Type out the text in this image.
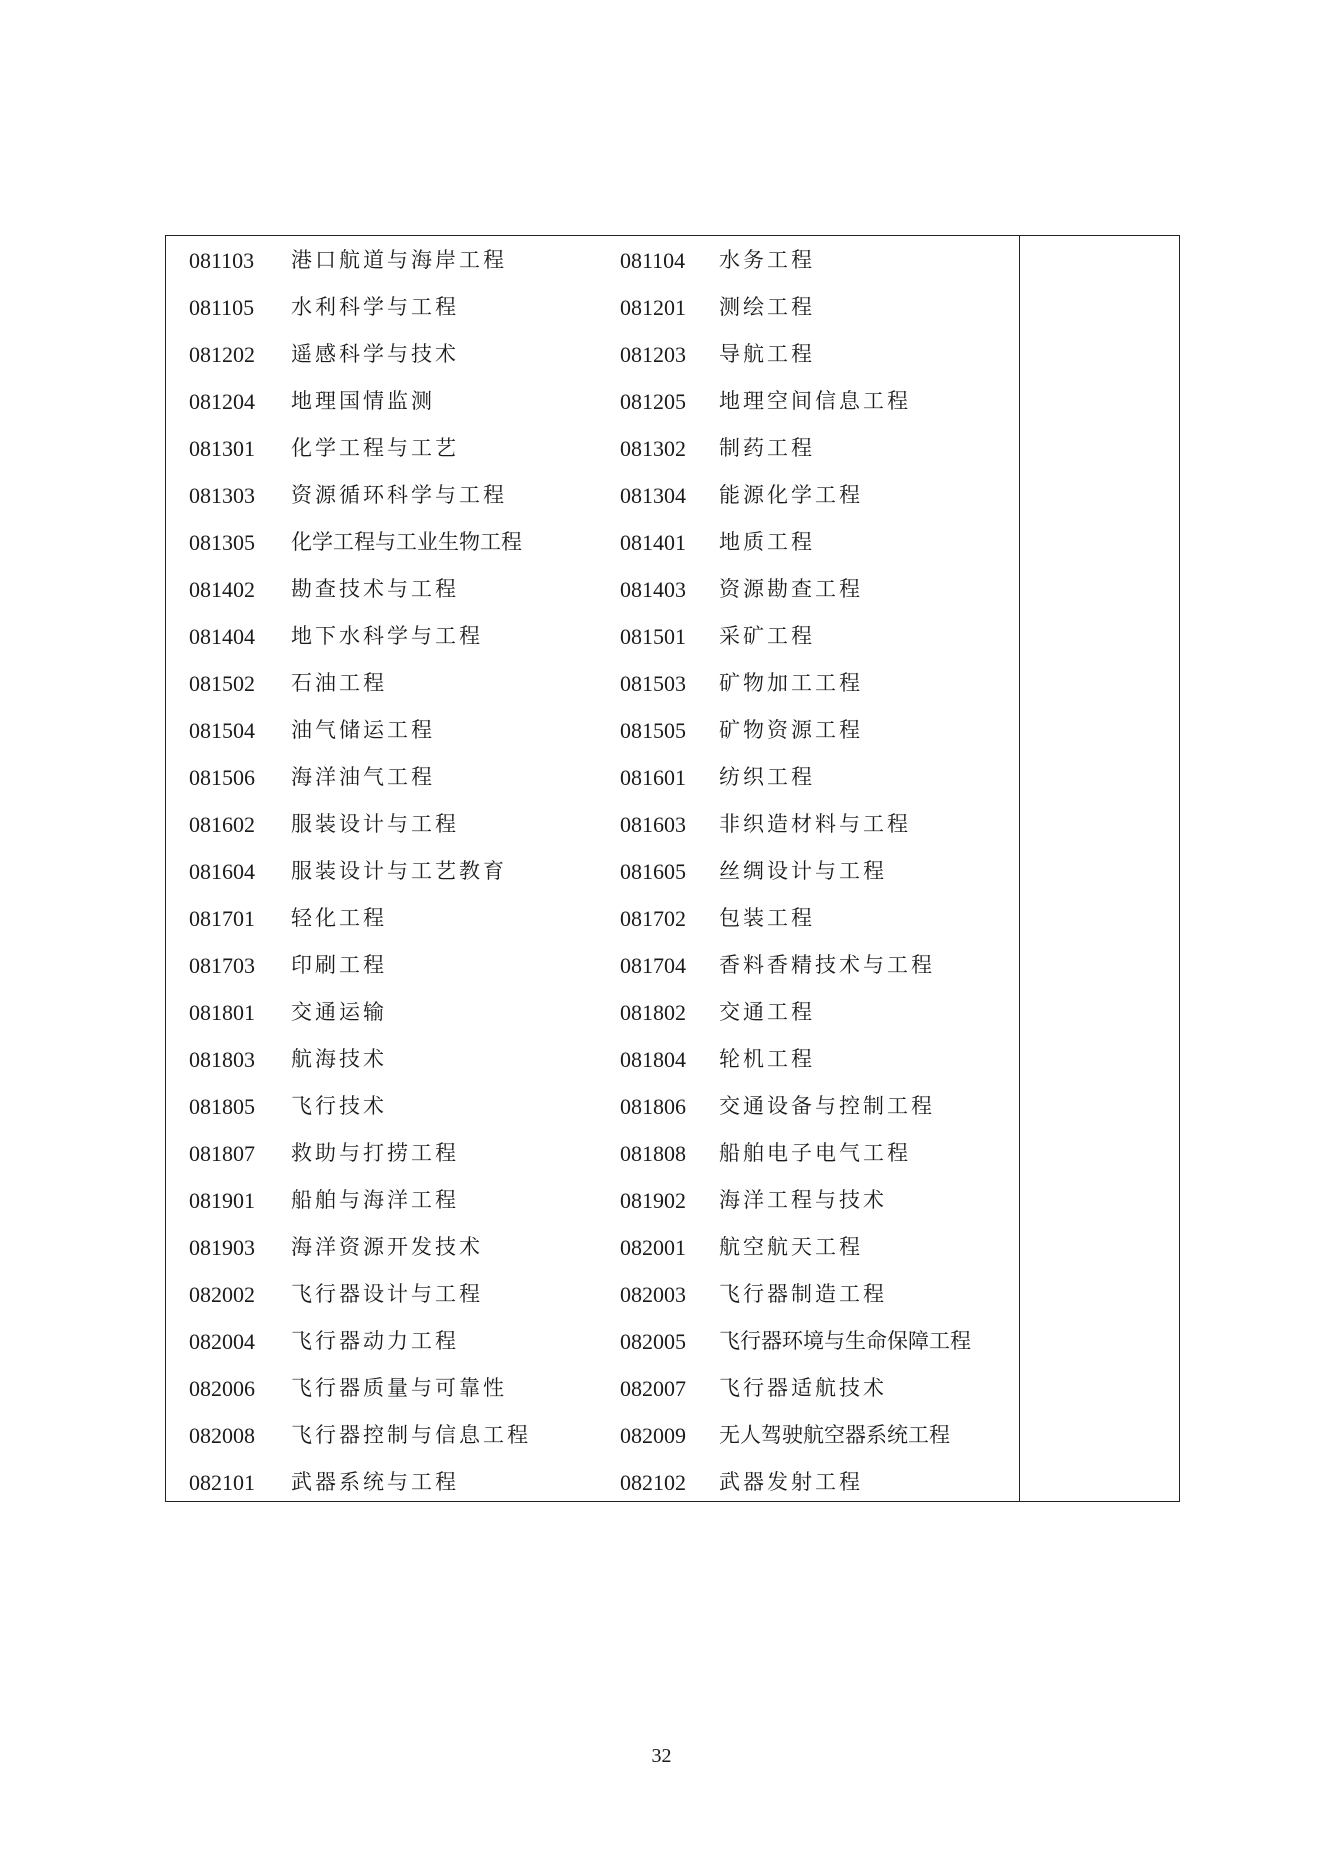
081103 港口航道与海岸工程	081104 水务工程
081105 水利科学与工程	081201 测绘工程
081202 遥感科学与技术	081203 导航工程
081204 地理国情监测	081205 地理空间信息工程
081301 化学工程与工艺	081302 制药工程
081303 资源循环科学与工程	081304 能源化学工程
081305 化学工程与工业生物工程	081401 地质工程
081402 勘查技术与工程	081403 资源勘查工程
081404 地下水科学与工程	081501 采矿工程
081502 石油工程	081503 矿物加工工程
081504 油气储运工程	081505 矿物资源工程
081506 海洋油气工程	081601 纺织工程
081602 服装设计与工程	081603 非织造材料与工程
081604 服装设计与工艺教育	081605 丝绸设计与工程
081701 轻化工程	081702 包装工程
081703 印刷工程	081704 香料香精技术与工程
081801 交通运输	081802 交通工程
081803 航海技术	081804 轮机工程
081805 飞行技术	081806 交通设备与控制工程
081807 救助与打捞工程	081808 船舶电子电气工程
081901 船舶与海洋工程	081902 海洋工程与技术
081903 海洋资源开发技术	082001 航空航天工程
082002 飞行器设计与工程	082003 飞行器制造工程
082004 飞行器动力工程	082005 飞行器环境与生命保障工程
082006 飞行器质量与可靠性	082007 飞行器适航技术
082008 飞行器控制与信息工程	082009 无人驾驶航空器系统工程
082101 武器系统与工程	082102 武器发射工程
32
